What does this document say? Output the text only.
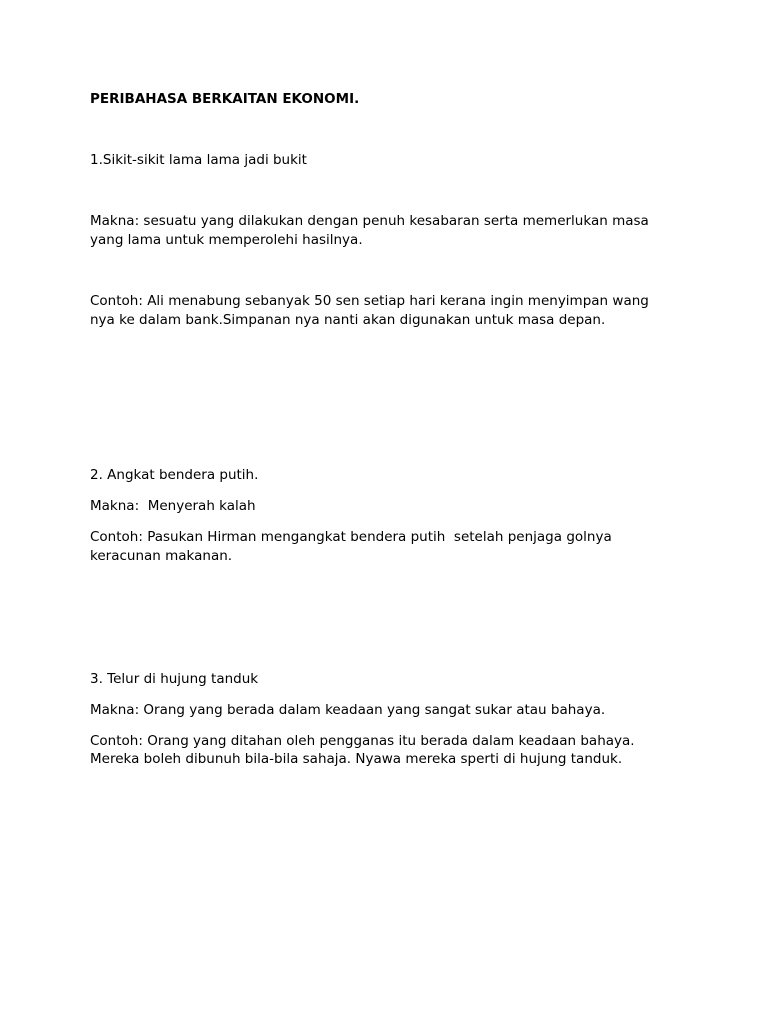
PERIBAHASA BERKAITAN EKONOMI.
1.Sikit-sikit lama lama jadi bukit
Makna: sesuatu yang dilakukan dengan penuh kesabaran serta memerlukan masa
yang lama untuk memperolehi hasilnya.
Contoh: Ali menabung sebanyak 50 sen setiap hari kerana ingin menyimpan wang
nya ke dalam bank.Simpanan nya nanti akan digunakan untuk masa depan.
2. Angkat bendera putih.
Makna:  Menyerah kalah
Contoh: Pasukan Hirman mengangkat bendera putih  setelah penjaga golnya
keracunan makanan.
3. Telur di hujung tanduk
Makna: Orang yang berada dalam keadaan yang sangat sukar atau bahaya.
Contoh: Orang yang ditahan oleh pengganas itu berada dalam keadaan bahaya.
Mereka boleh dibunuh bila-bila sahaja. Nyawa mereka sperti di hujung tanduk.
